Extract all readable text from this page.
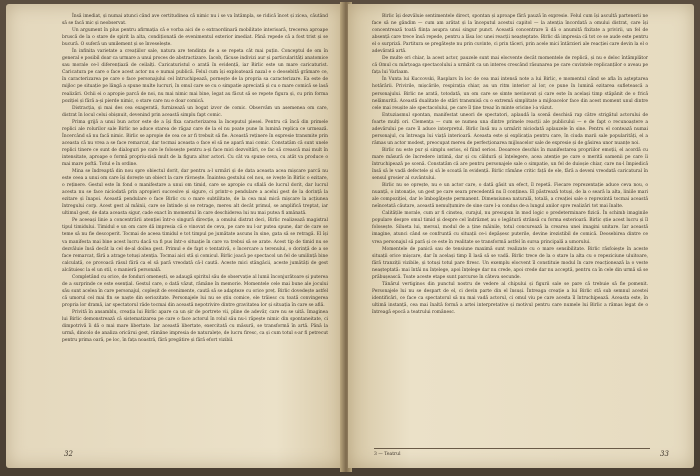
Însă imediat, și numai atunci când ave certitudinea că nimic nu i se va întâmpla, se ridică încet și zicea, căutând să se facă mic și neobservat.

Un argument în plus pentru afirmația că e vorba aici de o extraordinară mobilitate interioară, trecerea aproape bruscă de la o stare de spirit la alta, condiționată de evenimentul exterior imediat. Până repede că a fost trist și se bucură. O suferă un umilement și se înveselește.

În infinita varietate a creațiilor sale, natura are tendința de a se repeta cât mai puțin. Conceptul de om în general e posibil doar ca urmare a unui proces de abstractizare. Iacob, făcuse indivizi aur și particularități anatomice sau morale ce-l diferențiază de ceilalți. Caricaturistul o arată în evidență, iar Birlic este un mare caricaturist. Caricatura pe care o face acest actor nu e numai publică. Felul cum își exploatează nazal e o deosebită grămare ce, în caracterizarea pe care o face personajului cel întruchipează, pornește de la propria sa caracterizare. Ea este de mijloc pe situație pe lângă a spune multe lucruri, în omul care se cu o simpatie apreciată și cu o mare comică se lasă realizări. Ochii ei o apropie parcă de noi, nu mai nimic mai bine, legat au făcut să se repete figura și, cu prin forma poziției și fără a-și pierde nimic, o stare care nu e doar comică.

Distracția, și mai des cea exagerată, furnizează un bogat izvor de comic. Observăm un asemenea om care, distrat în locul celui obișnuit, devenind prin această simplu fapt comic.

Prima grijă a unui bun actor este de a își fixa caracterizarea la începutul piesei. Pentru că încă din primele replici ale rolurilor sale Birlic ne aduce starea de răgaz care de la el nu poate pune în lumină replica ce urmează. Încercând să nu facă nimic. Birlic se apropie de cea ce ar fi trebuit să fie. Această reținere în expresie transmite prin aceasta că nu vrea a se face remarcat, dar tocmai aceasta o face el să ne apară mai comic. Constatăm că sunt unele replici tinere ce sunt de dialoguri pe care le folosește pentru a-și face mici dezvoltări, ce fac să crească mai mult în intensitate, aproape o formă propriu-zisă mult de la figura altor actori. Cu cât va spune ceva, cu atât va produce o mai mare poftă. Totul e în ordine.

Mina se îndreaptă din nou spre obiectul dorit, dar pentru a-l urmări și de data aceasta acea mișcare parcă nu este ceea a unui om care își dorește un obiect la care râvnește. Înaintea gestului cel nou, se ivește în Birlic o ezitare, o reținere. Gestul este în fond o manifestare a unui om timid, care se apropie cu sfială de lucrul dorit, dar lucrul acesta nu se face niciodată prin apropieri succesive și sigure, ci printr-o pendulare a acelui gest de la dorință la ezitare și înapoi. Această pendulare o face Birlic cu o mare subtilitate, de la cea mai mică mișcare la acțiunea întregului corp. Acest gest al mâinii, care se întinde și se retrage, mereu alt decât primul, se amplifică treptat, iar ultimul gest, de data aceasta sigur, cade exact în momentul în care deschiderea lui nu mai putea fi amânată.

Pe aceeași linie a concentrării atenției într-o singură direcție, a omului distrat deci, Birlic realizează magistral tipul timidului. Timidul e un om care dă impresia că e vinovat de ceva, pe care nu l-ar putea spune, dar de care se teme să nu fie descoperit. Tocmai de aceea timidul e tot timpul pe jumătate ascuns în sine, gata să se retragă. El își va manifesta mai bine acest lucru dacă va fi pus într-o situație în care va trebui să se arate. Acest tip de timid nu se dezvăluie însă decât la cel de-al doilea gest. Primul e de fapt o tentativă, o încercare a terenului, o dorință de a se face remarcat, fără a atrage totuși atenția. Tocmai aici stă și comicul. Birlic joacă pe spectacol un fel de umilință bine calculată, ce provoacă râsul fără ca el să pară vreodată că-l caută. Aceste mici stângăcii, aceste jumătăți de gest alcătuiesc la el un stil, o manieră personală.

Completând cu orice, de fonduri omenești, se adaugă spiritul său de observație al lumii înconjurătoare și puterea de a surprinde ce este esențial. Gestul care, o dată văzut, rămâne în memorie. Momentele cele mai bune ale jocului său sunt acelea în care personajul, copleșit de evenimente, caută să se adapteze cu orice preț. Birlic dovedește astfel că umorul cel mai fin se naște din seriozitate. Personajele lui nu se știu comice, ele trăiesc cu toată convingerea propria lor dramă, iar spectatorul râde tocmai din această nepotrivire dintre gravitatea lor și situația în care se află.

Privită în ansamblu, creația lui Birlic apare ca un șir de portrete vii, pline de adevăr, care nu se uită. Imaginea lui Birlic demonstrează că sistematizarea pe care o face actorul în rolul său nu-i răpește nimic din spontaneitate, ci dimpotrivă îi dă o mai mare libertate. Iar această libertate, exercitată cu măsură, se transformă în artă. Până la urmă, dincolo de analiza oricărui gest, rămâne impresia de naturalețe, de lucru firesc, ca și cum totul s-ar fi petrecut pentru prima oară, pe loc, în fața noastră, fără pregătire și fără efort vizibil.

32

Birlic își dezvăluie sentimentele direct, spontan și aproape fără pauză în expresie. Felul cum își ascultă partenerii ne face să ne gândim — cum am arătat și la începutul acestui capitol — la atenția încordată a omului distrat, care își concentrează toată ființa asupra unui singur punct. Această concentrare îi dă o anumită fixitate a privirii, un fel de absență care trece însă repede, pentru a lăsa loc unei reacții neașteptate. Birlic dă impresia că tot ce se aude este pentru el o surpriză. Partitura se pregătește nu prin cuvinte, ci prin tăceri, prin acele mici întârzieri ale reacției care devin la el o adevărată artă.

De multe ori chiar, la acest actor, pauzele sunt mai elocvente decât momentele de replică, și nu e deloc întâmplător că Omul cu mârțoaga spectacolului a urmărit ca un interes crescând răsunarea pe care cuvintele replicanților o aveau pe fața lui Varlaam.

În Vunta lui Kuccovski, Rasplars în loc de cea mai intensă note a lui Birlic, e momentul când se afla în așteptarea hotărârii. Privirile, mișcările, respirația chiar, au un ritm interior al lor, ce pune în lumină ezitarea sufletească a personajului. Birlic ne arată, totodată, un om care se simte nevinovat și care este în același timp stăpânit de o frică nelămurită. Această dualitate de stări transmisă cu o extremă simplitate a mijloacelor face din acest moment unul dintre cele mai reușite ale spectacolului, pe care îl ține treaz în minte oricine l-a văzut.

Entuziasmul spontan, manifestat uneori de spectatori, aplaudă la scenă deschisă rap către strigătul actorului de foarte mulți ori. Clemența — cum se numea una dintre primele reacții ale publicului — e de fapt o recunoaștere a adevărului pe care îl aduce interpretul. Birlic însă nu a urmărit niciodată aplauzele în sine. Pentru el contează numai personajul, cu întreaga lui viață interioară. Aceasta este și explicația pentru care, în ciuda marii sale popularități, el a rămas un actor modest, preocupat mereu de perfecționarea mijloacelor sale de expresie și de găsirea unor nuanțe noi.

Birlic nu este pur și simplu serios, el fiind serios. Deoarece deschis în manifestarea propriilor emoții, el acordă cu mare măsură de încredere intimă, dar și cu căldură și înțelegere, acea atenție pe care o merită oamenii pe care îi întruchipează pe scenă. Constatăm că are pentru personajele sale o simpatie, un fel de duioșie chiar, care nu-l împiedică însă să le vadă defectele și să le scoată în evidență. Birlic rămâne critic față de ele, fără a deveni vreodată caricatural în sensul grosier al cuvântului.

Birlic nu se oprește, nu e un actor care, o dată găsit un efect, îl repetă. Fiecare reprezentație aduce ceva nou, o nuanță, o intonație, un gest pe care seara precedentă nu îl conținea. El păstrează totuși, de la o seară la alta, liniile mari ale compoziției, dar le îmbogățește permanent. Dimensiunea naturală, totală, a creației sale o reprezintă tocmai această neîncetată căutare, această nemulțumire de sine care l-a condus de-a lungul anilor spre realizări tot mai înalte.

Calitățile morale, cum ar fi cinstea, curajul, nu presupun în mod logic o predeterminare fizică. În schimb imaginile populare despre omul timid și despre cel îndrăzneț au o legătură strânsă cu forma exterioară. Birlic știe acest lucru și îl folosește. Silueta lui, mersul, modul de a ține mâinile, totul concurează la crearea unei imagini unitare. Iar această imagine, atunci când se confruntă cu situații ce-i depășesc puterile, devine irezistibil de comică. Deosebirea dintre ce vrea personajul să pară și ce este în realitate se transformă astfel în sursa principală a umorului.

Momentele de panică sau de tensiune maximă sunt realizate cu o mare sensibilitate. Birlic răsfoiește în aceste situații orice mișcare, dar în același timp îl lasă să se vadă. Birlic trece de la o stare la alta cu o repeziciune uluitoare, fără tranziții vizibile, și totuși totul pare firesc. Un exemplu elocvent îl constituie modul în care reacționează la o veste neașteptată: mai întâi nu înțelege, apoi înțelege dar nu crede, apoi crede dar nu acceptă, pentru ca în cele din urmă să se prăbușească. Toate aceste etape sunt parcurse în câteva secunde.

Tânărul vertiginos din punctul nostru de vedere al chipului și figurii sale se pare că trebuie să fie pomenit. Personajele lui nu se despart de el, ci devin parte din el însuși. Întreaga creație a lui Birlic stă sub semnul acestei identificări, ce face ca spectatorul să nu mai vadă actorul, ci omul viu pe care acesta îl întruchipează. Aceasta este, în ultimă instanță, cea mai înaltă formă a artei interpretative și motivul pentru care numele lui Birlic a rămas legat de o întreagă epocă a teatrului românesc.

3 — Teatrul	33
